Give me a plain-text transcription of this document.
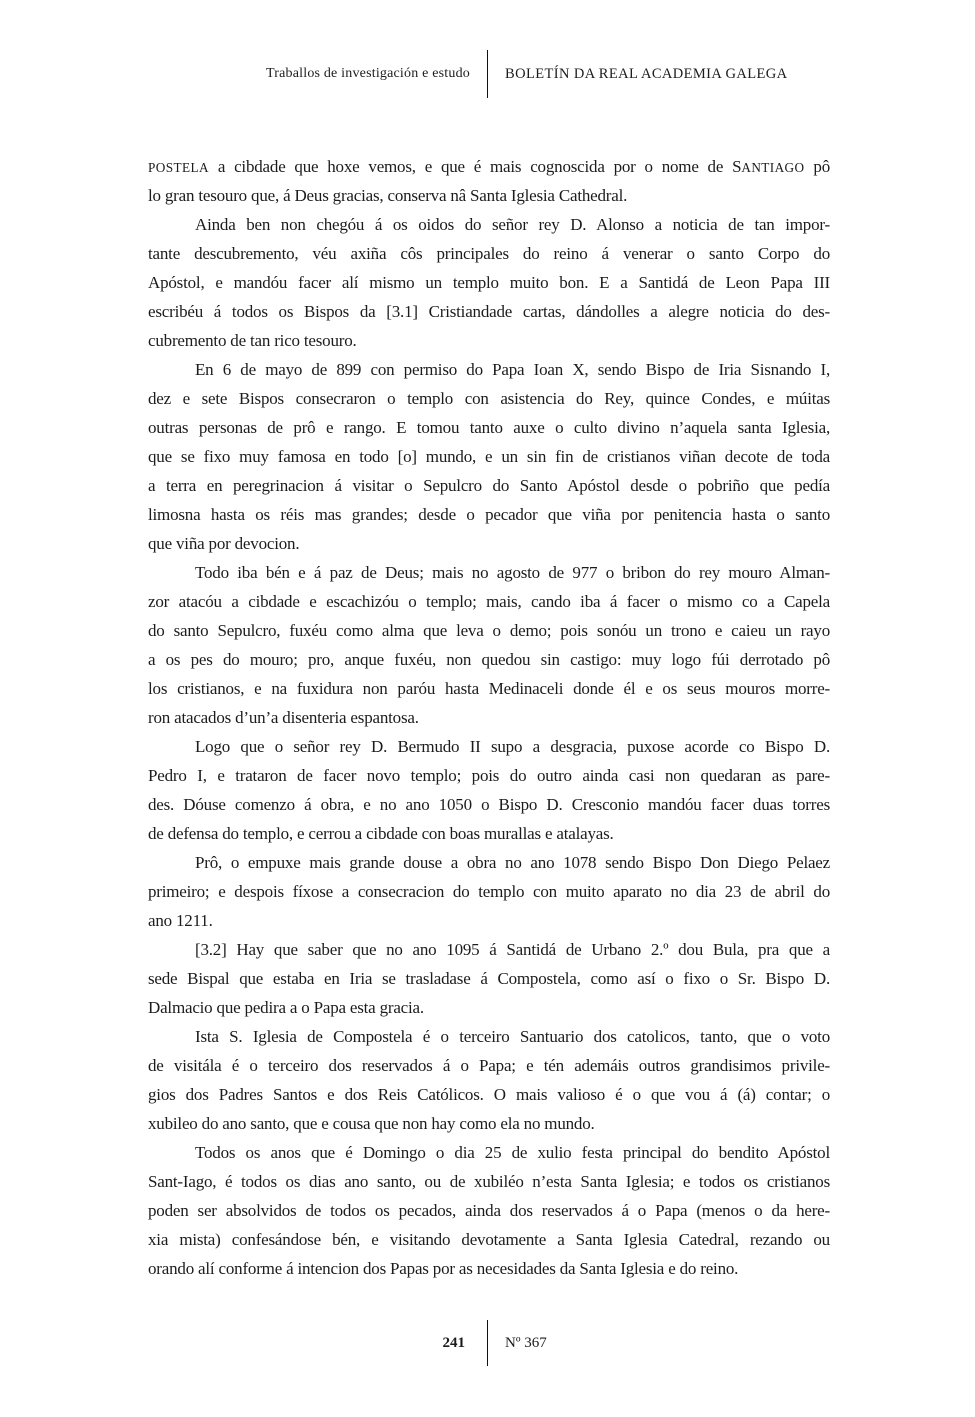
Traballos de investigación e estudo	BOLETÍN DA REAL ACADEMIA GALEGA
POSTELA a cibdade que hoxe vemos, e que é mais cognoscida por o nome de SANTIAGO pô
lo gran tesouro que, á Deus gracias, conserva nâ Santa Iglesia Cathedral.
Ainda ben non chegóu á os oidos do señor rey D. Alonso a noticia de tan impor-
tante descubremento, véu axiña côs principales do reino á venerar o santo Corpo do
Apóstol, e mandóu facer alí mismo un templo muito bon. E a Santidá de Leon Papa III
escribéu á todos os Bispos da [3.1] Cristiandade cartas, dándolles a alegre noticia do des-
cubremento de tan rico tesouro.
En 6 de mayo de 899 con permiso do Papa Ioan X, sendo Bispo de Iria Sisnando I,
dez e sete Bispos consecraron o templo con asistencia do Rey, quince Condes, e múitas
outras personas de prô e rango. E tomou tanto auxe o culto divino n’aquela santa Iglesia,
que se fixo muy famosa en todo [o] mundo, e un sin fin de cristianos viñan decote de toda
a terra en peregrinacion á visitar o Sepulcro do Santo Apóstol desde o pobriño que pedía
limosna hasta os réis mas grandes; desde o pecador que viña por penitencia hasta o santo
que viña por devocion.
Todo iba bén e á paz de Deus; mais no agosto de 977 o bribon do rey mouro Alman-
zor atacóu a cibdade e escachizóu o templo; mais, cando iba á facer o mismo co a Capela
do santo Sepulcro, fuxéu como alma que leva o demo; pois sonóu un trono e caieu un rayo
a os pes do mouro; pro, anque fuxéu, non quedou sin castigo: muy logo fúi derrotado pô
los cristianos, e na fuxidura non paróu hasta Medinaceli donde él e os seus mouros morre-
ron atacados d’un’a disenteria espantosa.
Logo que o señor rey D. Bermudo II supo a desgracia, puxose acorde co Bispo D.
Pedro I, e trataron de facer novo templo; pois do outro ainda casi non quedaran as pare-
des. Dóuse comenzo á obra, e no ano 1050 o Bispo D. Cresconio mandóu facer duas torres
de defensa do templo, e cerrou a cibdade con boas murallas e atalayas.
Prô, o empuxe mais grande douse a obra no ano 1078 sendo Bispo Don Diego Pelaez
primeiro; e despois fíxose a consecracion do templo con muito aparato no dia 23 de abril do
ano 1211.
[3.2] Hay que saber que no ano 1095 á Santidá de Urbano 2.º dou Bula, pra que a
sede Bispal que estaba en Iria se trasladase á Compostela, como así o fixo o Sr. Bispo D.
Dalmacio que pedira a o Papa esta gracia.
Ista S. Iglesia de Compostela é o terceiro Santuario dos catolicos, tanto, que o voto
de visitála é o terceiro dos reservados á o Papa; e tén ademáis outros grandisimos privile-
gios dos Padres Santos e dos Reis Católicos. O mais valioso é o que vou á (á) contar; o
xubileo do ano santo, que e cousa que non hay como ela no mundo.
Todos os anos que é Domingo o dia 25 de xulio festa principal do bendito Apóstol
Sant-Iago, é todos os dias ano santo, ou de xubiléo n’esta Santa Iglesia; e todos os cristianos
poden ser absolvidos de todos os pecados, ainda dos reservados á o Papa (menos o da here-
xia mista) confesándose bén, e visitando devotamente a Santa Iglesia Catedral, rezando ou
orando alí conforme á intencion dos Papas por as necesidades da Santa Iglesia e do reino.
241	Nº 367
